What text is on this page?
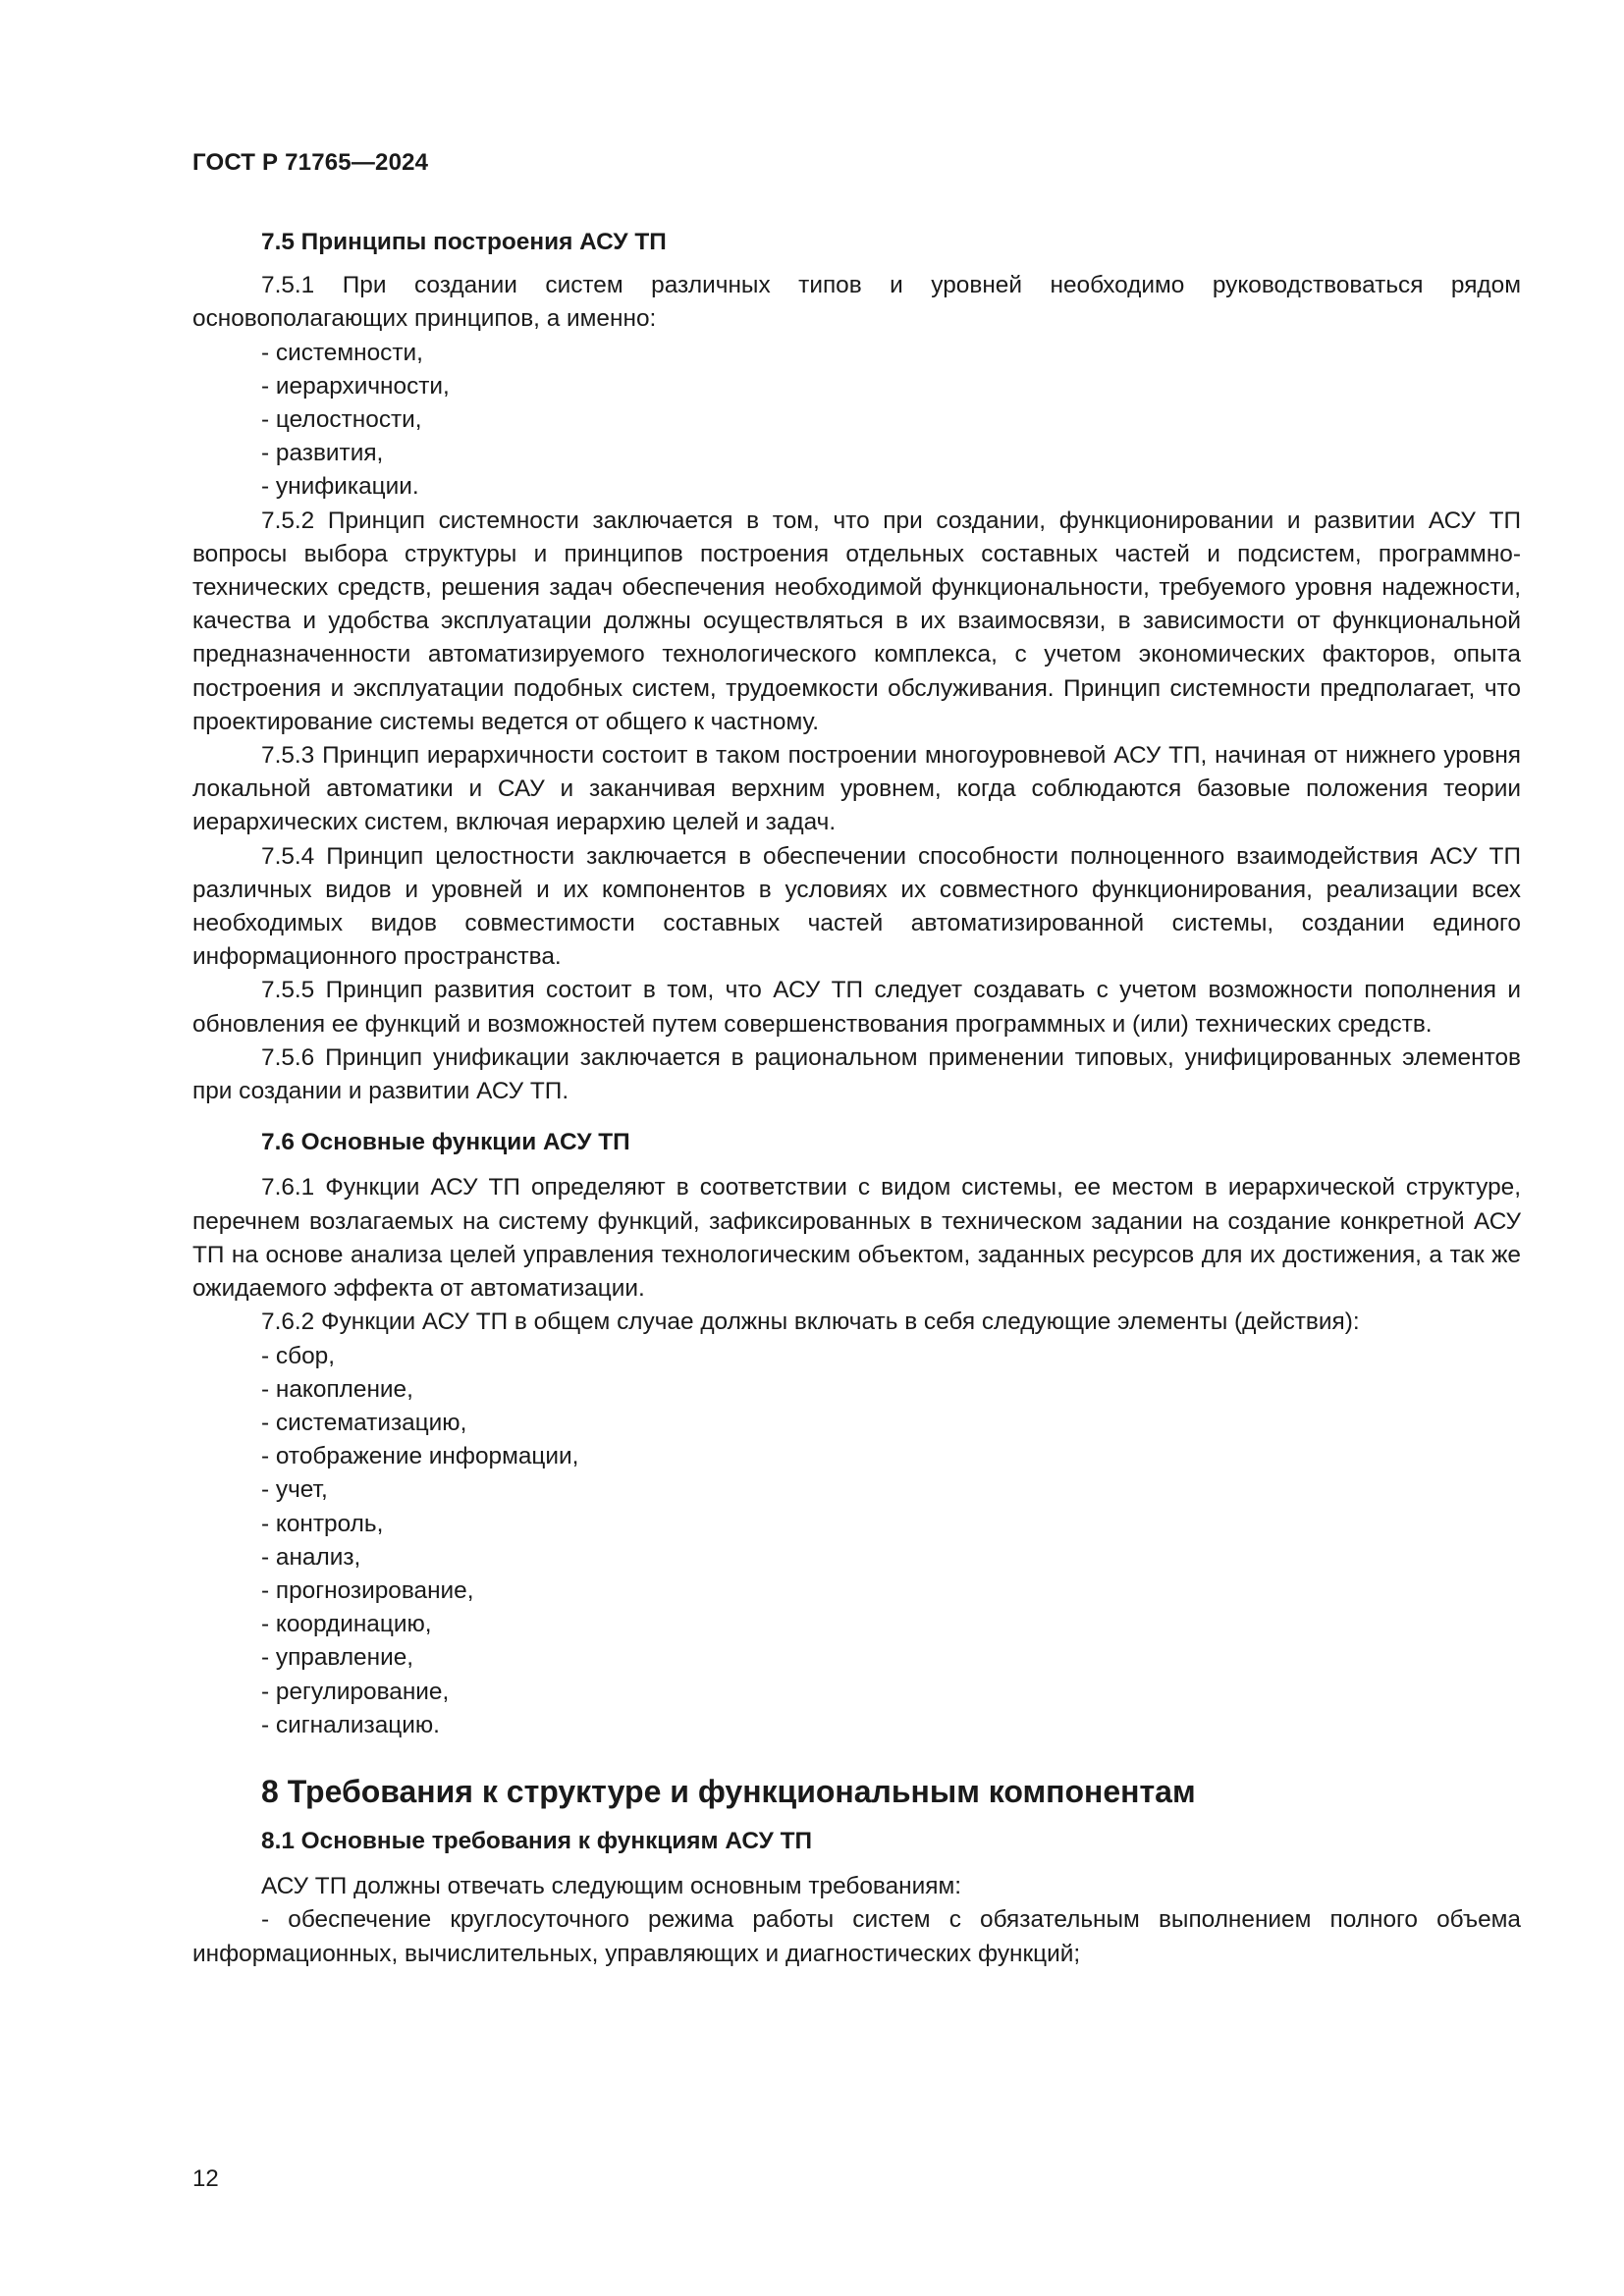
ГОСТ Р 71765—2024
7.5 Принципы построения АСУ ТП

7.5.1 При создании систем различных типов и уровней необходимо руководствоваться рядом основополагающих принципов, а именно:

- системности,
- иерархичности,
- целостности,
- развития,
- унификации.

7.5.2 Принцип системности заключается в том, что при создании, функционировании и развитии АСУ ТП вопросы выбора структуры и принципов построения отдельных составных частей и подсистем, программно-технических средств, решения задач обеспечения необходимой функциональности, требуемого уровня надежности, качества и удобства эксплуатации должны осуществляться в их взаимосвязи, в зависимости от функциональной предназначенности автоматизируемого технологического комплекса, с учетом экономических факторов, опыта построения и эксплуатации подобных систем, трудоемкости обслуживания. Принцип системности предполагает, что проектирование системы ведется от общего к частному.

7.5.3 Принцип иерархичности состоит в таком построении многоуровневой АСУ ТП, начиная от нижнего уровня локальной автоматики и САУ и заканчивая верхним уровнем, когда соблюдаются базовые положения теории иерархических систем, включая иерархию целей и задач.

7.5.4 Принцип целостности заключается в обеспечении способности полноценного взаимодействия АСУ ТП различных видов и уровней и их компонентов в условиях их совместного функционирования, реализации всех необходимых видов совместимости составных частей автоматизированной системы, создании единого информационного пространства.

7.5.5 Принцип развития состоит в том, что АСУ ТП следует создавать с учетом возможности пополнения и обновления ее функций и возможностей путем совершенствования программных и (или) технических средств.

7.5.6 Принцип унификации заключается в рациональном применении типовых, унифицированных элементов при создании и развитии АСУ ТП.

7.6 Основные функции АСУ ТП

7.6.1 Функции АСУ ТП определяют в соответствии с видом системы, ее местом в иерархической структуре, перечнем возлагаемых на систему функций, зафиксированных в техническом задании на создание конкретной АСУ ТП на основе анализа целей управления технологическим объектом, заданных ресурсов для их достижения, а так же ожидаемого эффекта от автоматизации.

7.6.2 Функции АСУ ТП в общем случае должны включать в себя следующие элементы (действия):

- сбор,
- накопление,
- систематизацию,
- отображение информации,
- учет,
- контроль,
- анализ,
- прогнозирование,
- координацию,
- управление,
- регулирование,
- сигнализацию.
8 Требования к структуре и функциональным компонентам
8.1 Основные требования к функциям АСУ ТП

АСУ ТП должны отвечать следующим основным требованиям:

- обеспечение круглосуточного режима работы систем с обязательным выполнением полного объема информационных, вычислительных, управляющих и диагностических функций;

12
